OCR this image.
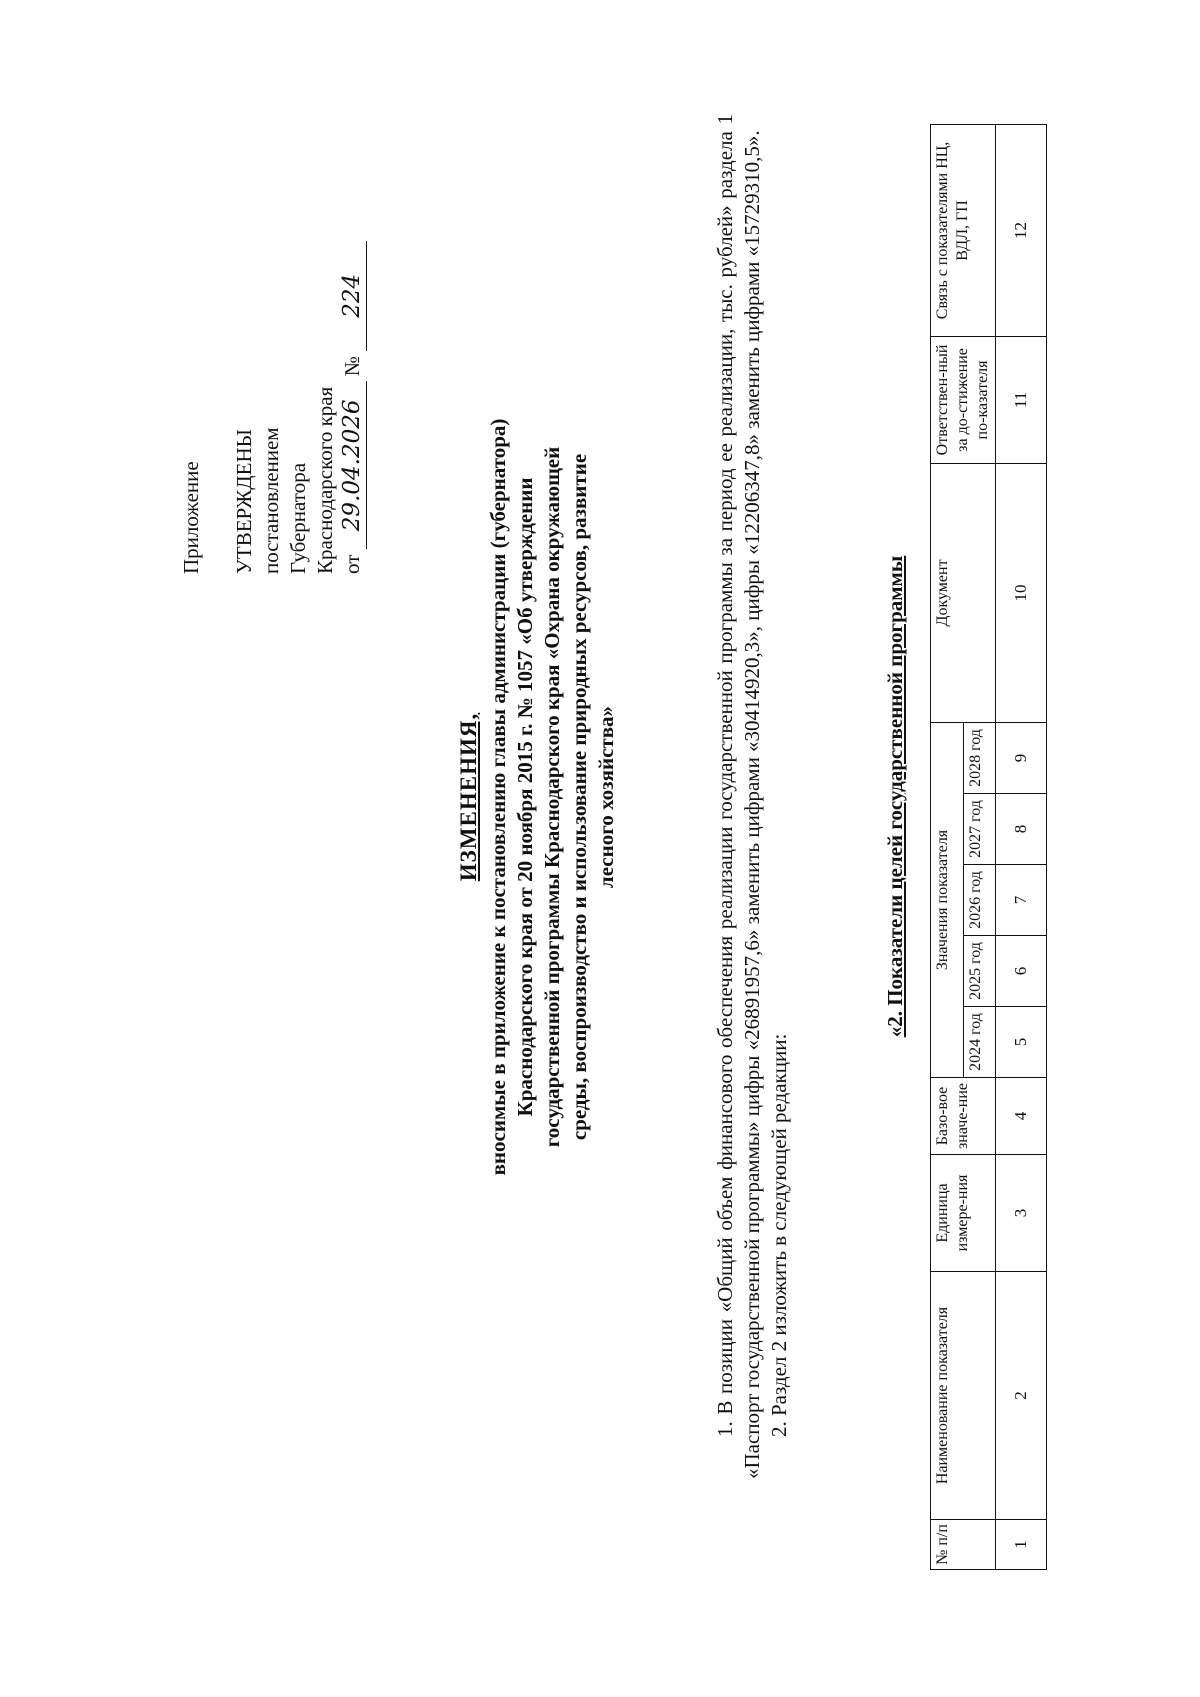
Приложение УТВЕРЖДЕНЫ постановлением Губернатора Краснодарского края от 29.04.2026 № 224
ИЗМЕНЕНИЯ, вносимые в приложение к постановлению главы администрации (губернатора) Краснодарского края от 20 ноября 2015 г. № 1057 «Об утверждении государственной программы Краснодарского края «Охрана окружающей среды, воспроизводство и использование природных ресурсов, развитие лесного хозяйства»	1. В позиции «Общий объем финансового обеспечения реализации государственной программы за период ее реализации, тыс. рублей» раздела 1 «Паспорт государственной программы» цифры «26891957,6» заменить цифрами «30414920,3», цифры «12206347,8» заменить цифрами «15729310,5». 2. Раздел 2 изложить в следующей редакции:

«2. Показатели целей государственной программы
№ п/п	Наименование показателя	Единица измере-ния	Базо-вое значе-ние	Значения показателя					Документ	Ответствен-ный за до-стижение по-казателя	Связь с показателями НЦ, ВДЛ, ГП
				2024 год	2025 год	2026 год	2027 год	2028 год			
1	2	3	4	5	6	7	8	9	10	11	12
